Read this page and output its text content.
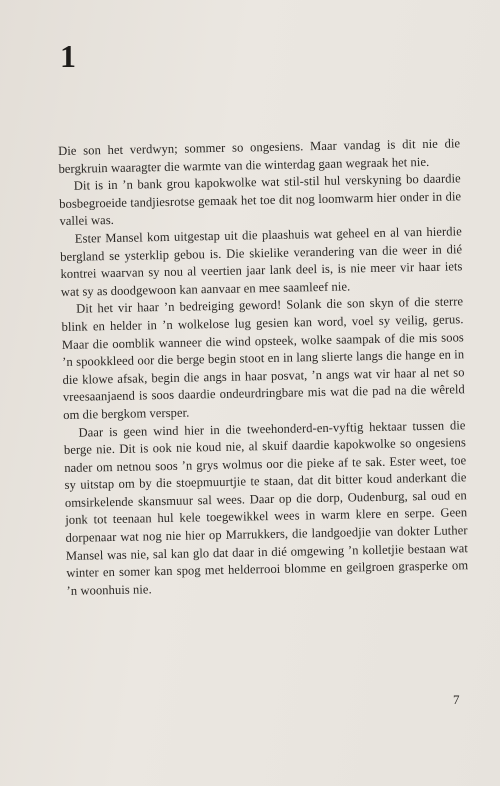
1

Die son het verdwyn; sommer so ongesiens. Maar vandag is dit nie die bergkruin waaragter die warmte van die winterdag gaan wegraak het nie.

Dit is in ’n bank grou kapokwolke wat stil-stil hul verskyning bo daardie bosbegroeide tandjiesrotse gemaak het toe dit nog loomwarm hier onder in die vallei was.

Ester Mansel kom uitgestap uit die plaashuis wat geheel en al van hierdie bergland se ysterklip gebou is. Die skielike verandering van die weer in dié kontrei waarvan sy nou al veertien jaar lank deel is, is nie meer vir haar iets wat sy as doodgewoon kan aanvaar en mee saamleef nie.

Dit het vir haar ’n bedreiging geword! Solank die son skyn of die sterre blink en helder in ’n wolkelose lug gesien kan word, voel sy veilig, gerus. Maar die oomblik wanneer die wind opsteek, wolke saampak of die mis soos ’n spookkleed oor die berge begin stoot en in lang slierte langs die hange en in die klowe afsak, begin die angs in haar posvat, ’n angs wat vir haar al net so vreesaanjaend is soos daardie ondeurdringbare mis wat die pad na die wêreld om die bergkom versper.

Daar is geen wind hier in die tweehonderd-en-vyftig hektaar tussen die berge nie. Dit is ook nie koud nie, al skuif daardie kapokwolke so ongesiens nader om netnou soos ’n grys wolmus oor die pieke af te sak. Ester weet, toe sy uitstap om by die stoepmuurtjie te staan, dat dit bitter koud anderkant die omsirkelende skansmuur sal wees. Daar op die dorp, Oudenburg, sal oud en jonk tot teenaan hul kele toegewikkel wees in warm klere en serpe. Geen dorpenaar wat nog nie hier op Marrukkers, die landgoedjie van dokter Luther Mansel was nie, sal kan glo dat daar in dié omgewing ’n kolletjie bestaan wat winter en somer kan spog met helderrooi blomme en geilgroen grasperke om ’n woonhuis nie.

7
